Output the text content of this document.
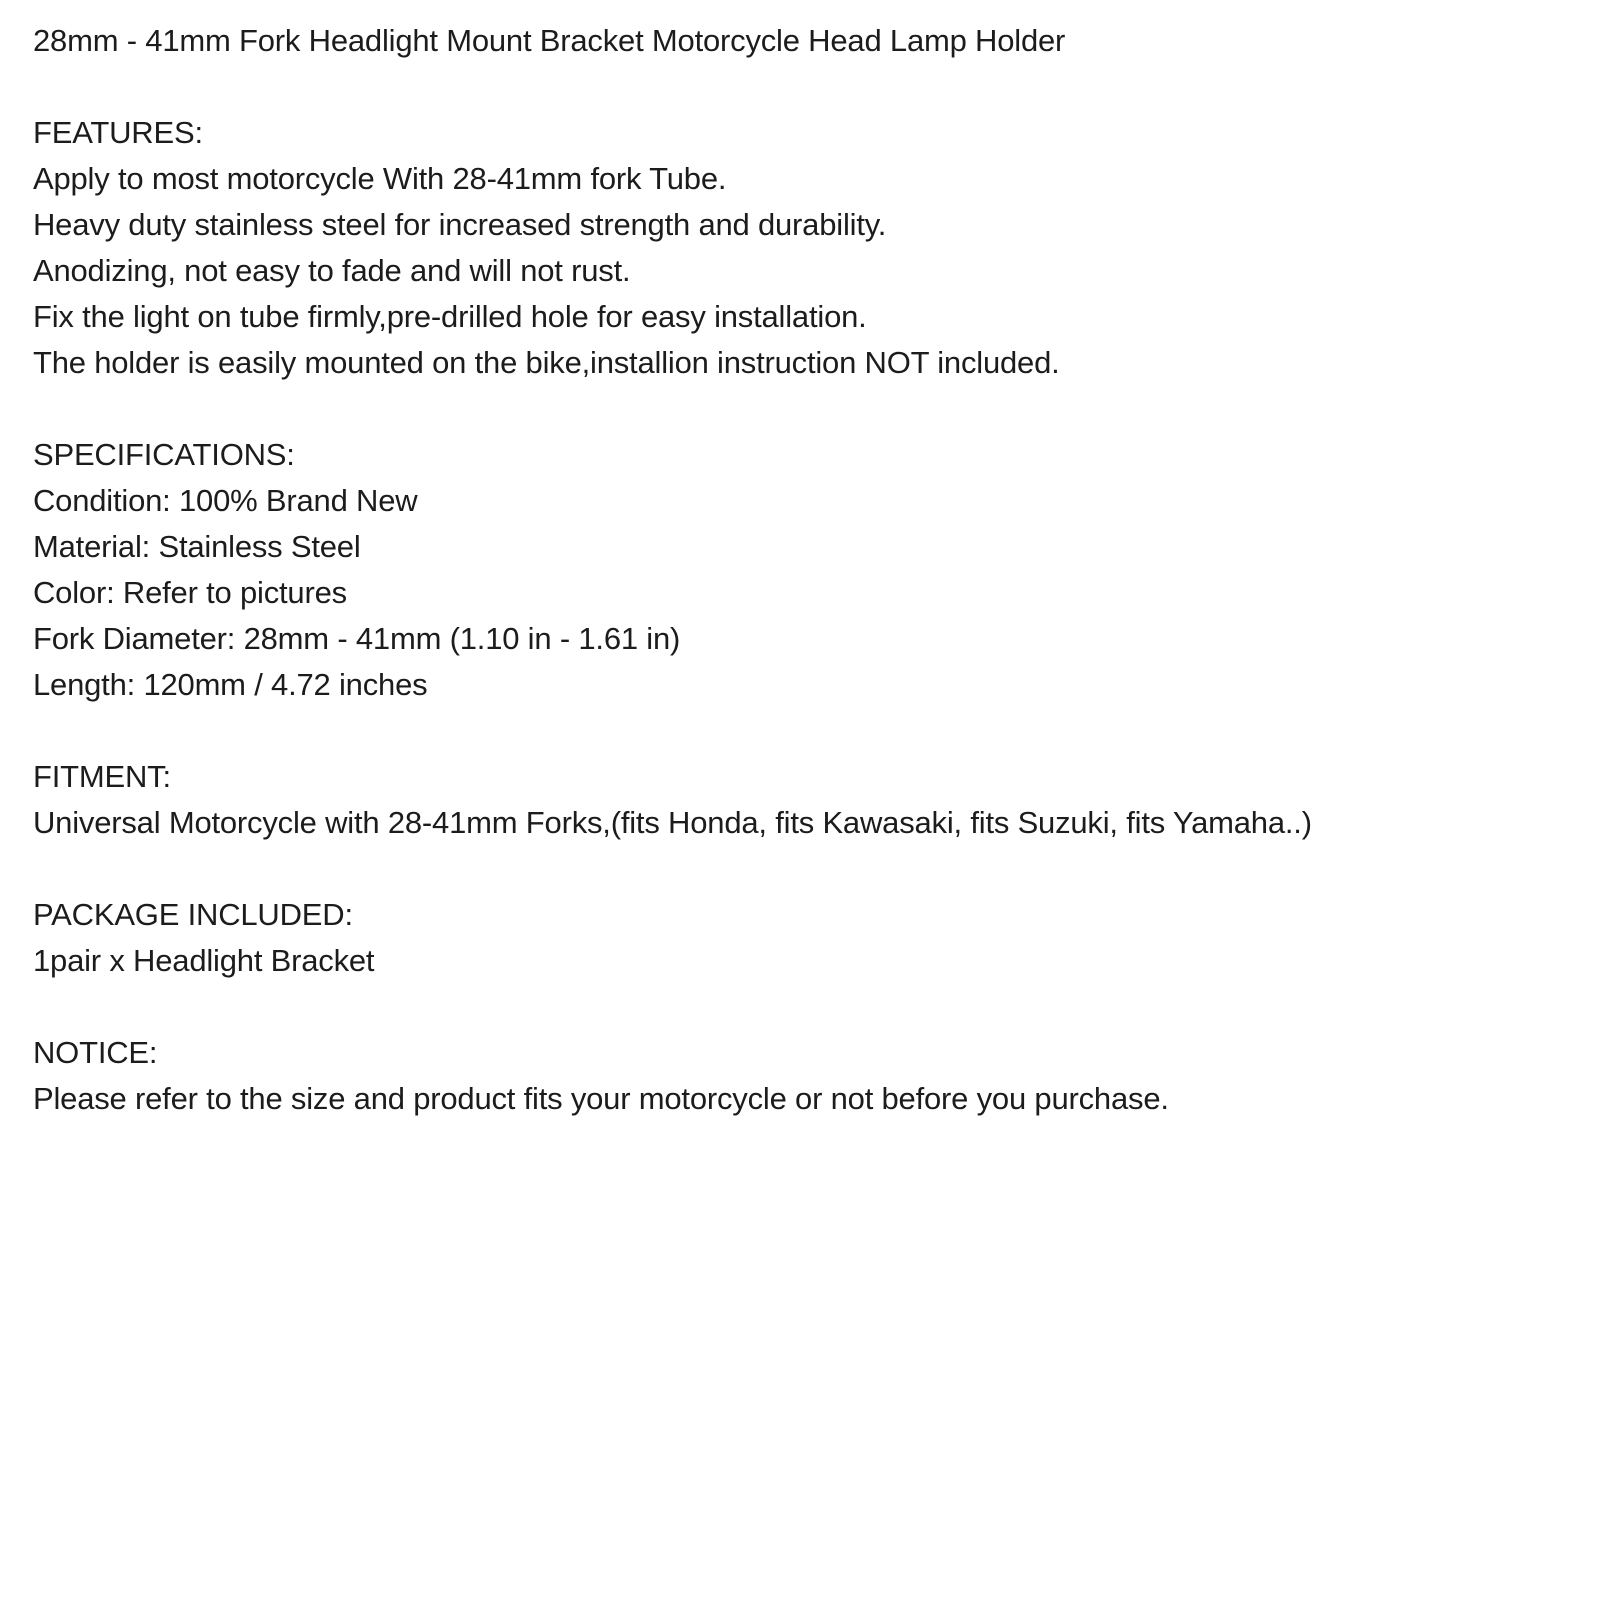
28mm - 41mm Fork Headlight Mount Bracket Motorcycle Head Lamp Holder

FEATURES:

Apply to most motorcycle With 28-41mm fork Tube.

Heavy duty stainless steel for increased strength and durability.

Anodizing, not easy to fade and will not rust.

Fix the light on tube firmly,pre-drilled hole for easy installation.

The holder is easily mounted on the bike,installion instruction NOT included.

SPECIFICATIONS:

Condition: 100% Brand New

Material: Stainless Steel

Color: Refer to pictures

Fork Diameter: 28mm - 41mm (1.10 in - 1.61 in)

Length: 120mm / 4.72 inches

FITMENT:

Universal Motorcycle with 28-41mm Forks,(fits Honda, fits Kawasaki, fits Suzuki, fits Yamaha..)

PACKAGE INCLUDED:

1pair x Headlight Bracket

NOTICE:

Please refer to the size and product fits your motorcycle or not before you purchase.
